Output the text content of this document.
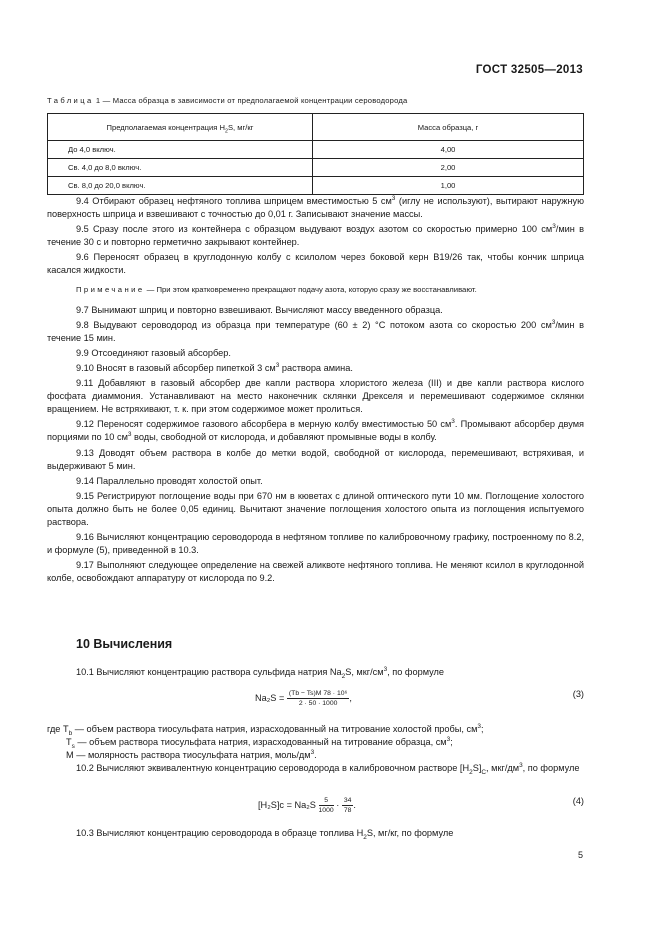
ГОСТ 32505—2013
Таблица 1 — Масса образца в зависимости от предполагаемой концентрации сероводорода
Предполагаемая концентрация $H_2S$, мг/кг	Масса образца, г
До 4,0 включ.	4,00
Св. 4,0 до 8,0 включ.	2,00
Св. 8,0 до 20,0 включ.	1,00

9.4 Отбирают образец нефтяного топлива шприцем вместимостью 5 $см^3$ (иглу не используют), вытирают наружную поверхность шприца и взвешивают с точностью до 0,01 г. Записывают значение массы.

9.5 Сразу после этого из контейнера с образцом выдувают воздух азотом со скоростью примерно 100 $см^3$/мин в течение 30 с и повторно герметично закрывают контейнер.

9.6 Переносят образец в круглодонную колбу с ксилолом через боковой керн В19/26 так, чтобы кончик шприца касался жидкости.

Примечание — При этом кратковременно прекращают подачу азота, которую сразу же восстанавливают.

9.7 Вынимают шприц и повторно взвешивают. Вычисляют массу введенного образца.

9.8 Выдувают сероводород из образца при температуре (60 ± 2) °С потоком азота со скоростью 200 $см^3$/мин в течение 15 мин.

9.9 Отсоединяют газовый абсорбер.

9.10 Вносят в газовый абсорбер пипеткой 3 $см^3$ раствора амина.

9.11 Добавляют в газовый абсорбер две капли раствора хлористого железа (III) и две капли раствора кислого фосфата диаммония. Устанавливают на место наконечник склянки Дрекселя и перемешивают содержимое склянки вращением. Не встряхивают, т. к. при этом содержимое может пролиться.

9.12 Переносят содержимое газового абсорбера в мерную колбу вместимостью 50 $см^3$. Промывают абсорбер двумя порциями по 10 $см^3$ воды, свободной от кислорода, и добавляют промывные воды в колбу.

9.13 Доводят объем раствора в колбе до метки водой, свободной от кислорода, перемешивают, встряхивая, и выдерживают 5 мин.

9.14 Параллельно проводят холостой опыт.

9.15 Регистрируют поглощение воды при 670 нм в кюветах с длиной оптического пути 10 мм. Поглощение холостого опыта должно быть не более 0,05 единиц. Вычитают значение поглощения холостого опыта из поглощения испытуемого раствора.

9.16 Вычисляют концентрацию сероводорода в нефтяном топливе по калибровочному графику, построенному по 8.2, и формуле (5), приведенной в 10.3.

9.17 Выполняют следующее определение на свежей аликвоте нефтяного топлива. Не меняют ксилол в круглодонной колбе, освобождают аппаратуру от кислорода по 9.2.

10 Вычисления

10.1 Вычисляют концентрацию раствора сульфида натрия $Na_2S$, мкг/$см^3$, по формуле

$Na_2S = \frac{\text{(Tb − Ts)M 78 · 10⁶}}{2 \cdot 50 \cdot 1000}$ ,	(3)

где $T_b$ — объем раствора тиосульфата натрия, израсходованный на титрование холостой пробы, $см^3$;

$T_s$ — объем раствора тиосульфата натрия, израсходованный на титрование образца, $см^3$;

M — молярность раствора тиосульфата натрия, моль/$дм^3$.

10.2 Вычисляют эквивалентную концентрацию сероводорода в калибровочном растворе $[H_2S]_C$, мкг/$дм^3$, по формуле

$[H_2S]c = Na_2S \frac{5}{1000} \cdot \frac{34}{78}$ .	(4)

10.3 Вычисляют концентрацию сероводорода в образце топлива $H_2S$, мг/кг, по формуле

5
